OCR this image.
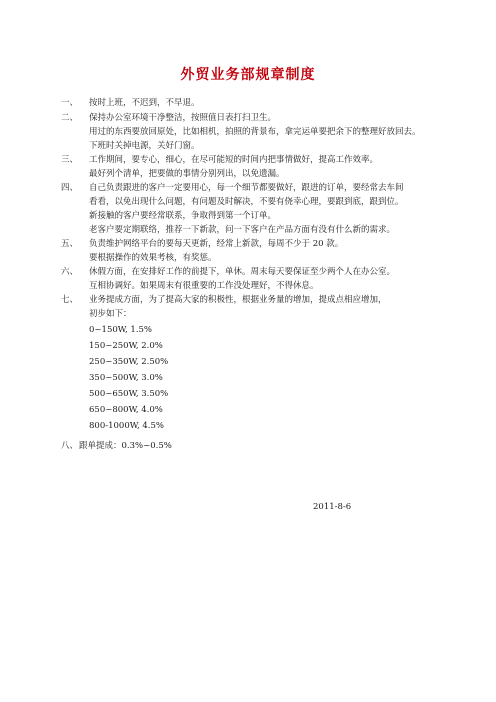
外贸业务部规章制度
一、 按时上班，不迟到，不早退。
二、 保持办公室环境干净整洁，按照值日表打扫卫生。
用过的东西要放回原处，比如相机，拍照的背景布，拿完运单要把余下的整理好放回去。
下班时关掉电源，关好门窗。
三、 工作期间，要专心，细心，在尽可能短的时间内把事情做好，提高工作效率。
最好列个清单，把要做的事情分别列出，以免遗漏。
四、 自己负责跟进的客户一定要用心，每一个细节都要做好，跟进的订单，要经常去车间
看看，以免出现什么问题，有问题及时解决，不要有侥幸心理，要跟到底，跟到位。
新接触的客户要经常联系，争取得到第一个订单。
老客户要定期联络，推荐一下新款，问一下客户在产品方面有没有什么新的需求。
五、 负责维护网络平台的要每天更新，经常上新款，每周不少于 20 款。
要根据操作的效果考核，有奖惩。
六、 休假方面，在安排好工作的前提下，单休。周末每天要保证至少两个人在办公室。
互相协调好。如果周末有很重要的工作没处理好，不得休息。
七、 业务提成方面，为了提高大家的积极性，根据业务量的增加，提成点相应增加，
初步如下：
0~150W, 1.5%
150~250W, 2.0%
250~350W, 2.50%
350~500W, 3.0%
500~650W, 3.50%
650~800W, 4.0%
800-1000W, 4.5%
八、 跟单提成：0.3%~0.5%
2011-8-6
